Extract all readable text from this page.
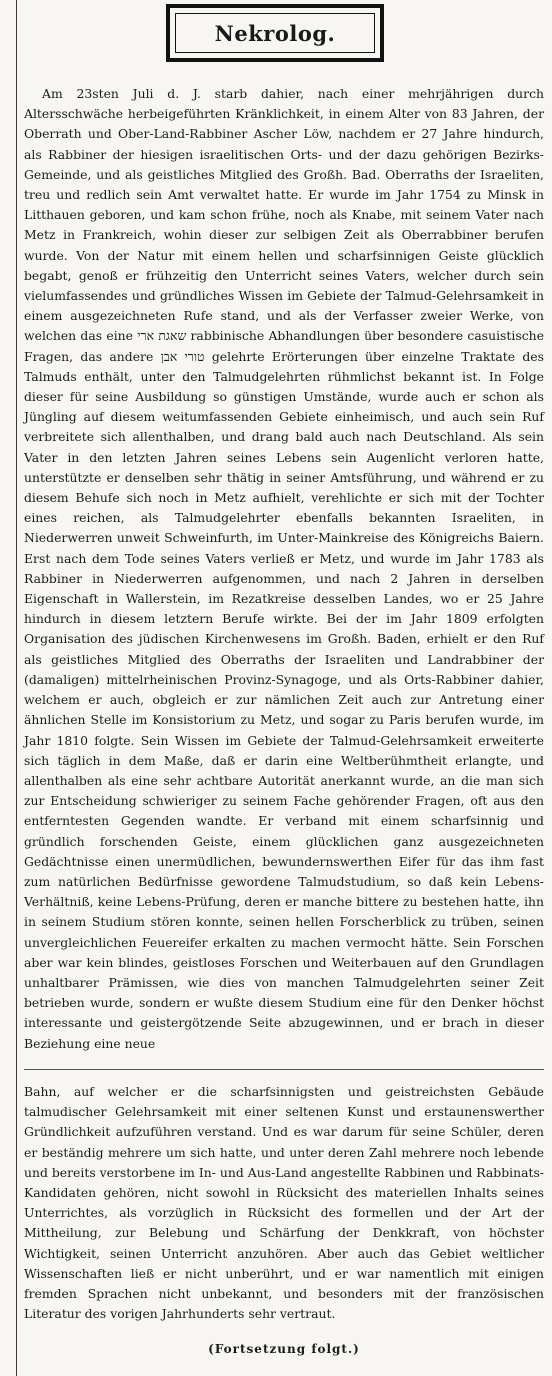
Nekrolog.

Am 23sten Juli d. J. starb dahier, nach einer mehrjährigen durch Altersschwäche herbeigeführten Kränklichkeit, in einem Alter von 83 Jahren, der Oberrath und Ober-Land-Rabbiner Ascher Löw, nachdem er 27 Jahre hindurch, als Rabbiner der hiesigen israelitischen Orts- und der dazu gehörigen Bezirks-Gemeinde, und als geistliches Mitglied des Großh. Bad. Oberraths der Israeliten, treu und redlich sein Amt verwaltet hatte. Er wurde im Jahr 1754 zu Minsk in Litthauen geboren, und kam schon frühe, noch als Knabe, mit seinem Vater nach Metz in Frankreich, wohin dieser zur selbigen Zeit als Oberrabbiner berufen wurde. Von der Natur mit einem hellen und scharfsinnigen Geiste glücklich begabt, genoß er frühzeitig den Unterricht seines Vaters, welcher durch sein vielumfassendes und gründliches Wissen im Gebiete der Talmud-Gelehrsamkeit in einem ausgezeichneten Rufe stand, und als der Verfasser zweier Werke, von welchen das eine שאגת ארי rabbinische Abhandlungen über besondere casuistische Fragen, das andere טורי אבן gelehrte Erörterungen über einzelne Traktate des Talmuds enthält, unter den Talmudgelehrten rühmlichst bekannt ist. In Folge dieser für seine Ausbildung so günstigen Umstände, wurde auch er schon als Jüngling auf diesem weitumfassenden Gebiete einheimisch, und auch sein Ruf verbreitete sich allenthalben, und drang bald auch nach Deutschland. Als sein Vater in den letzten Jahren seines Lebens sein Augenlicht verloren hatte, unterstützte er denselben sehr thätig in seiner Amtsführung, und während er zu diesem Behufe sich noch in Metz aufhielt, verehlichte er sich mit der Tochter eines reichen, als Talmudgelehrter ebenfalls bekannten Israeliten, in Niederwerren unweit Schweinfurth, im Unter-Mainkreise des Königreichs Baiern. Erst nach dem Tode seines Vaters verließ er Metz, und wurde im Jahr 1783 als Rabbiner in Niederwerren aufgenommen, und nach 2 Jahren in derselben Eigenschaft in Wallerstein, im Rezatkreise desselben Landes, wo er 25 Jahre hindurch in diesem letztern Berufe wirkte. Bei der im Jahr 1809 erfolgten Organisation des jüdischen Kirchenwesens im Großh. Baden, erhielt er den Ruf als geistliches Mitglied des Oberraths der Israeliten und Landrabbiner der (damaligen) mittelrheinischen Provinz-Synagoge, und als Orts-Rabbiner dahier, welchem er auch, obgleich er zur nämlichen Zeit auch zur Antretung einer ähnlichen Stelle im Konsistorium zu Metz, und sogar zu Paris berufen wurde, im Jahr 1810 folgte. Sein Wissen im Gebiete der Talmud-Gelehrsamkeit erweiterte sich täglich in dem Maße, daß er darin eine Weltberühmtheit erlangte, und allenthalben als eine sehr achtbare Autorität anerkannt wurde, an die man sich zur Entscheidung schwieriger zu seinem Fache gehörender Fragen, oft aus den entferntesten Gegenden wandte. Er verband mit einem scharfsinnig und gründlich forschenden Geiste, einem glücklichen ganz ausgezeichneten Gedächtnisse einen unermüdlichen, bewundernswerthen Eifer für das ihm fast zum natürlichen Bedürfnisse gewordene Talmudstudium, so daß kein Lebens-Verhältniß, keine Lebens-Prüfung, deren er manche bittere zu bestehen hatte, ihn in seinem Studium stören konnte, seinen hellen Forscherblick zu trüben, seinen unvergleichlichen Feuereifer erkalten zu machen vermocht hätte. Sein Forschen aber war kein blindes, geistloses Forschen und Weiterbauen auf den Grundlagen unhaltbarer Prämissen, wie dies von manchen Talmudgelehrten seiner Zeit betrieben wurde, sondern er wußte diesem Studium eine für den Denker höchst interessante und geistergötzende Seite abzugewinnen, und er brach in dieser Beziehung eine neue

Bahn, auf welcher er die scharfsinnigsten und geistreichsten Gebäude talmudischer Gelehrsamkeit mit einer seltenen Kunst und erstaunenswerther Gründlichkeit aufzuführen verstand. Und es war darum für seine Schüler, deren er beständig mehrere um sich hatte, und unter deren Zahl mehrere noch lebende und bereits verstorbene im In- und Aus-Land angestellte Rabbinen und Rabbinats-Kandidaten gehören, nicht sowohl in Rücksicht des materiellen Inhalts seines Unterrichtes, als vorzüglich in Rücksicht des formellen und der Art der Mittheilung, zur Belebung und Schärfung der Denkkraft, von höchster Wichtigkeit, seinen Unterricht anzuhören. Aber auch das Gebiet weltlicher Wissenschaften ließ er nicht unberührt, und er war namentlich mit einigen fremden Sprachen nicht unbekannt, und besonders mit der französischen Literatur des vorigen Jahrhunderts sehr vertraut.

(Fortsetzung folgt.)
